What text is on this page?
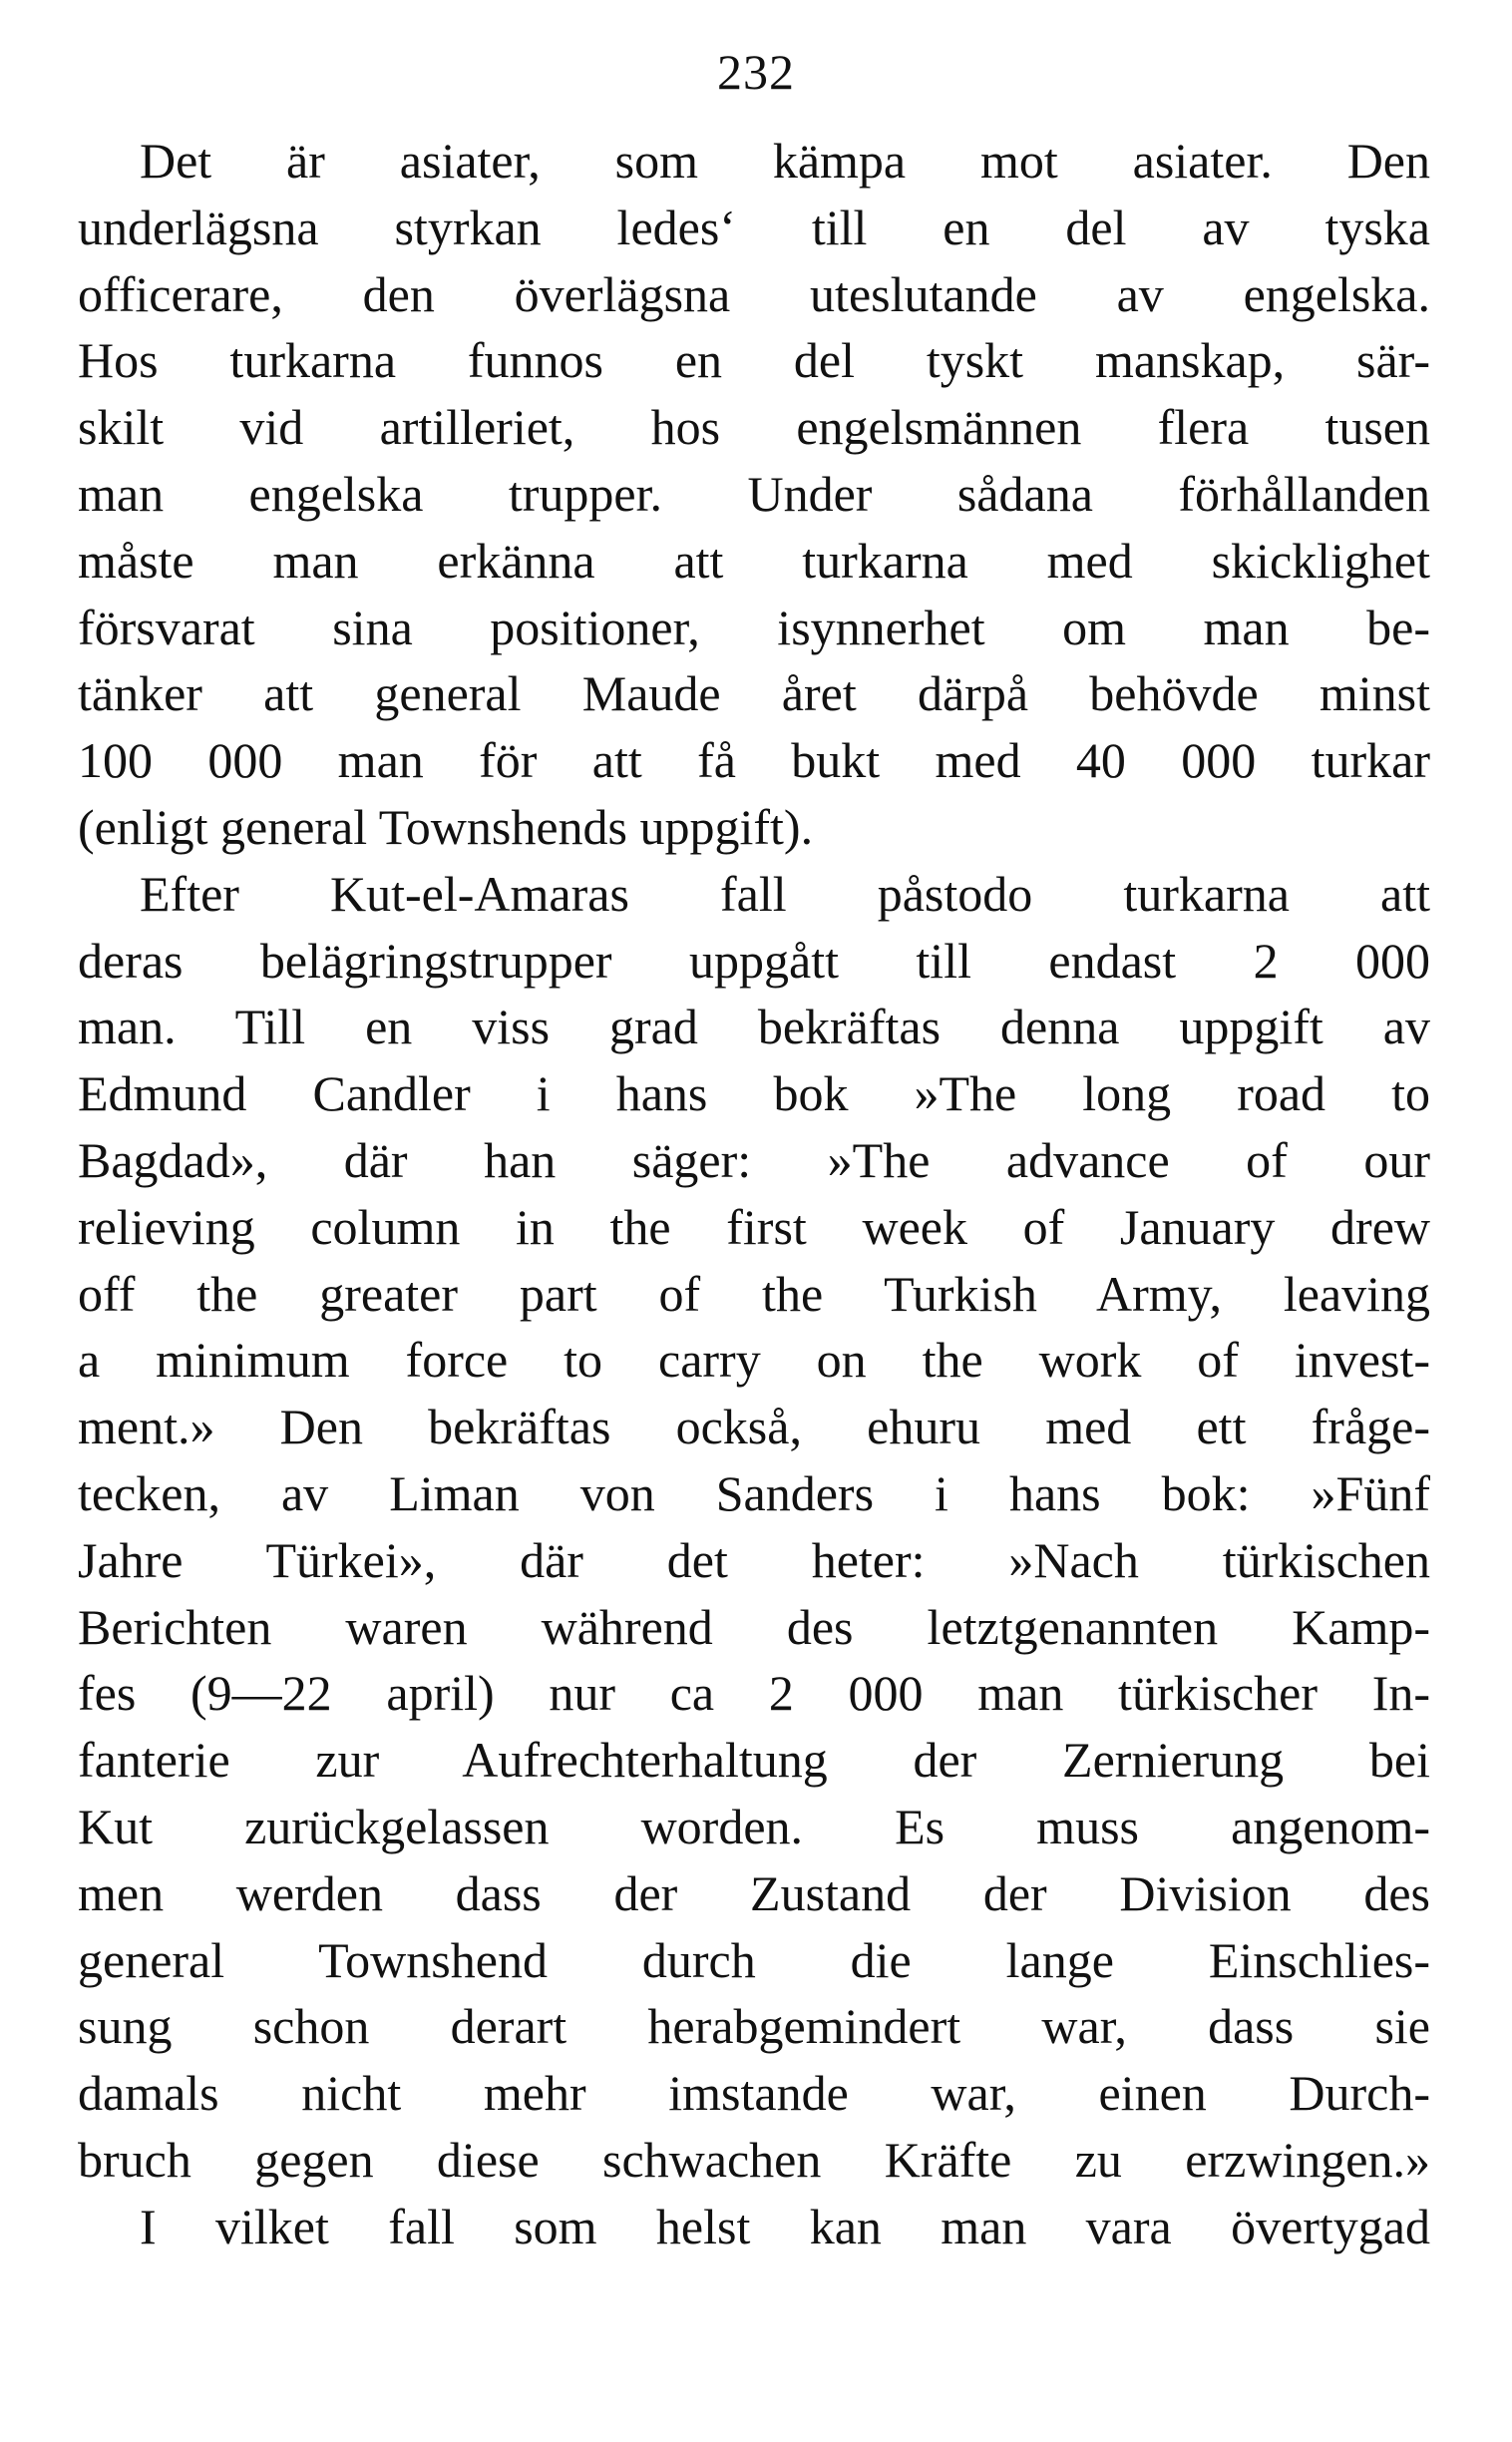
232
Det är asiater, som kämpa mot asiater. Den
underlägsna styrkan ledes‘ till en del av tyska
officerare, den överlägsna uteslutande av engelska.
Hos turkarna funnos en del tyskt manskap, sär-
skilt vid artilleriet, hos engelsmännen flera tusen
man engelska trupper. Under sådana förhållanden
måste man erkänna att turkarna med skicklighet
försvarat sina positioner, isynnerhet om man be-
tänker att general Maude året därpå behövde minst
100 000 man för att få bukt med 40 000 turkar
(enligt general Townshends uppgift).
Efter Kut-el-Amaras fall påstodo turkarna att
deras belägringstrupper uppgått till endast 2 000
man. Till en viss grad bekräftas denna uppgift av
Edmund Candler i hans bok »The long road to
Bagdad», där han säger: »The advance of our
relieving column in the first week of January drew
off the greater part of the Turkish Army, leaving
a minimum force to carry on the work of invest-
ment.» Den bekräftas också, ehuru med ett fråge-
tecken, av Liman von Sanders i hans bok: »Fünf
Jahre Türkei», där det heter: »Nach türkischen
Berichten waren während des letztgenannten Kamp-
fes (9—22 april) nur ca 2 000 man türkischer In-
fanterie zur Aufrechterhaltung der Zernierung bei
Kut zurückgelassen worden. Es muss angenom-
men werden dass der Zustand der Division des
general Townshend durch die lange Einschlies-
sung schon derart herabgemindert war, dass sie
damals nicht mehr imstande war, einen Durch-
bruch gegen diese schwachen Kräfte zu erzwingen.»
I vilket fall som helst kan man vara övertygad
